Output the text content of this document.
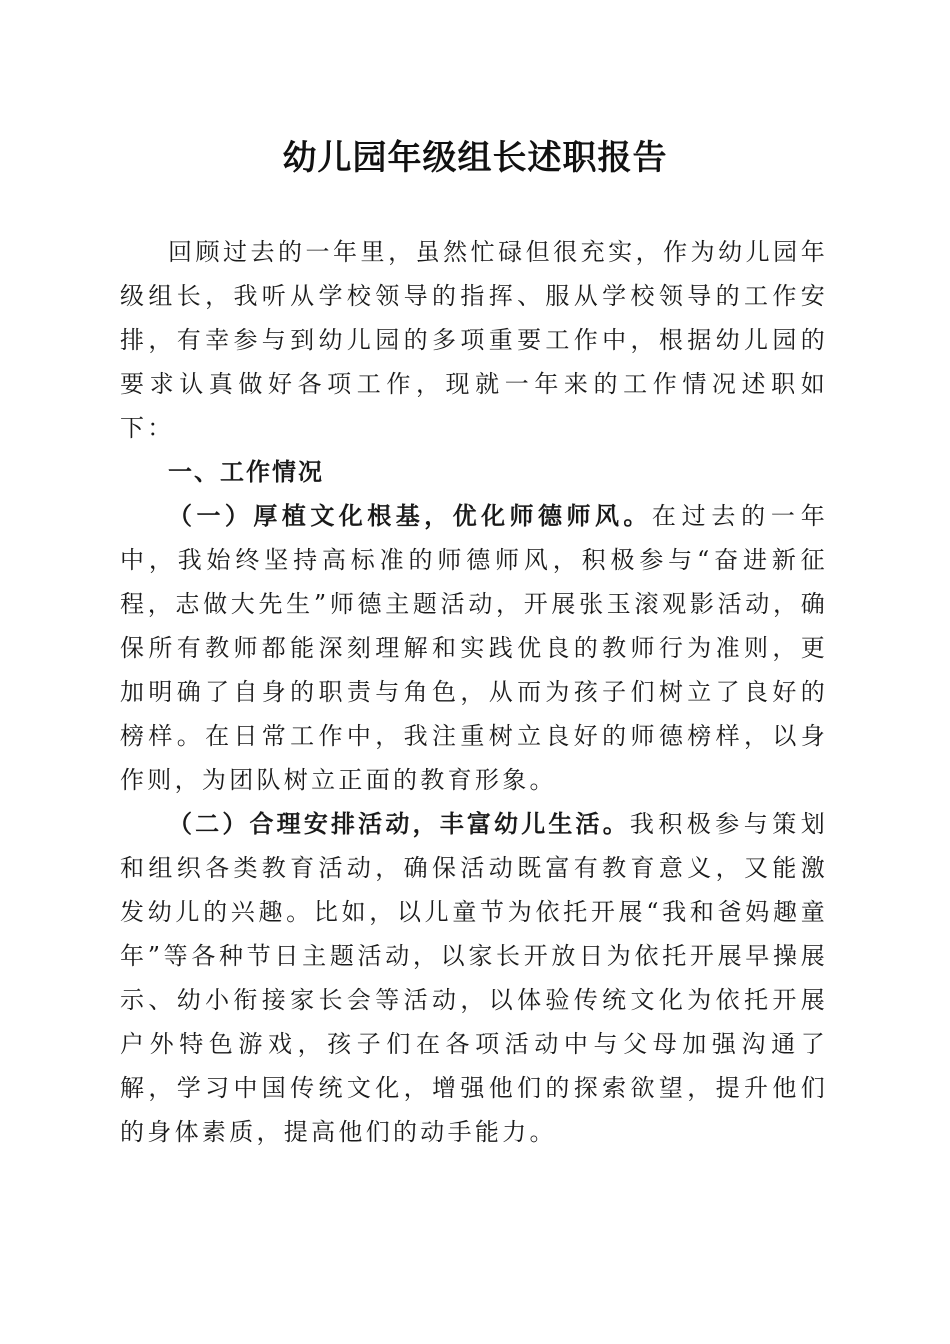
幼儿园年级组长述职报告

回顾过去的一年里，虽然忙碌但很充实，作为幼儿园年级组长，我听从学校领导的指挥、服从学校领导的工作安排，有幸参与到幼儿园的多项重要工作中，根据幼儿园的要求认真做好各项工作，现就一年来的工作情况述职如下：

一、工作情况

（一）厚植文化根基，优化师德师风。在过去的一年中，我始终坚持高标准的师德师风，积极参与“奋进新征程，志做大先生”师德主题活动，开展张玉滚观影活动，确保所有教师都能深刻理解和实践优良的教师行为准则，更加明确了自身的职责与角色，从而为孩子们树立了良好的榜样。在日常工作中，我注重树立良好的师德榜样，以身作则，为团队树立正面的教育形象。

（二）合理安排活动，丰富幼儿生活。我积极参与策划和组织各类教育活动，确保活动既富有教育意义，又能激发幼儿的兴趣。比如，以儿童节为依托开展“我和爸妈趣童年”等各种节日主题活动，以家长开放日为依托开展早操展示、幼小衔接家长会等活动，以体验传统文化为依托开展户外特色游戏，孩子们在各项活动中与父母加强沟通了解，学习中国传统文化，增强他们的探索欲望，提升他们的身体素质，提高他们的动手能力。
